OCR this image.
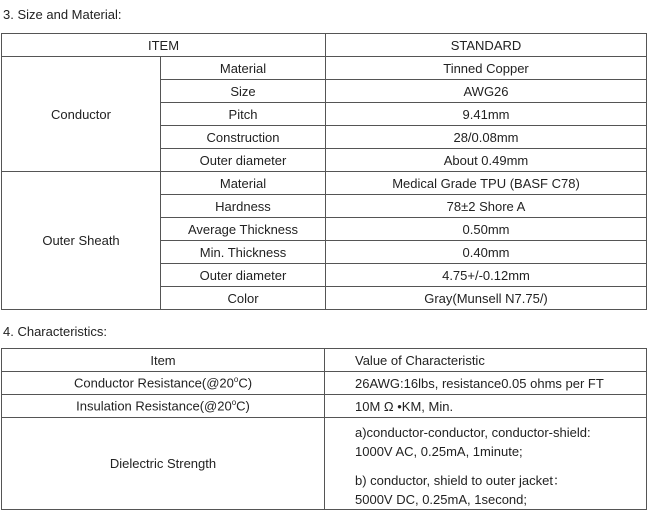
3. Size and Material:
ITEM		STANDARD
Conductor	Material	Tinned Copper
	Size	AWG26
	Pitch	9.41mm
	Construction	28/0.08mm
	Outer diameter	About 0.49mm
Outer Sheath	Material	Medical Grade TPU (BASF C78)
	Hardness	78±2 Shore A
	Average Thickness	0.50mm
	Min. Thickness	0.40mm
	Outer diameter	4.75+/-0.12mm
	Color	Gray(Munsell N7.75/)
4. Characteristics:
Item	Value of Characteristic
Conductor Resistance(@20$^o$C)	26AWG:16lbs, resistance0.05 ohms per FT
Insulation Resistance(@20$^o$C)	10M Ω •KM, Min.
Dielectric Strength	a)conductor-conductor, conductor-shield:
1000V AC, 0.25mA, 1minute;
b) conductor, shield to outer jacket：
5000V DC, 0.25mA, 1second;
